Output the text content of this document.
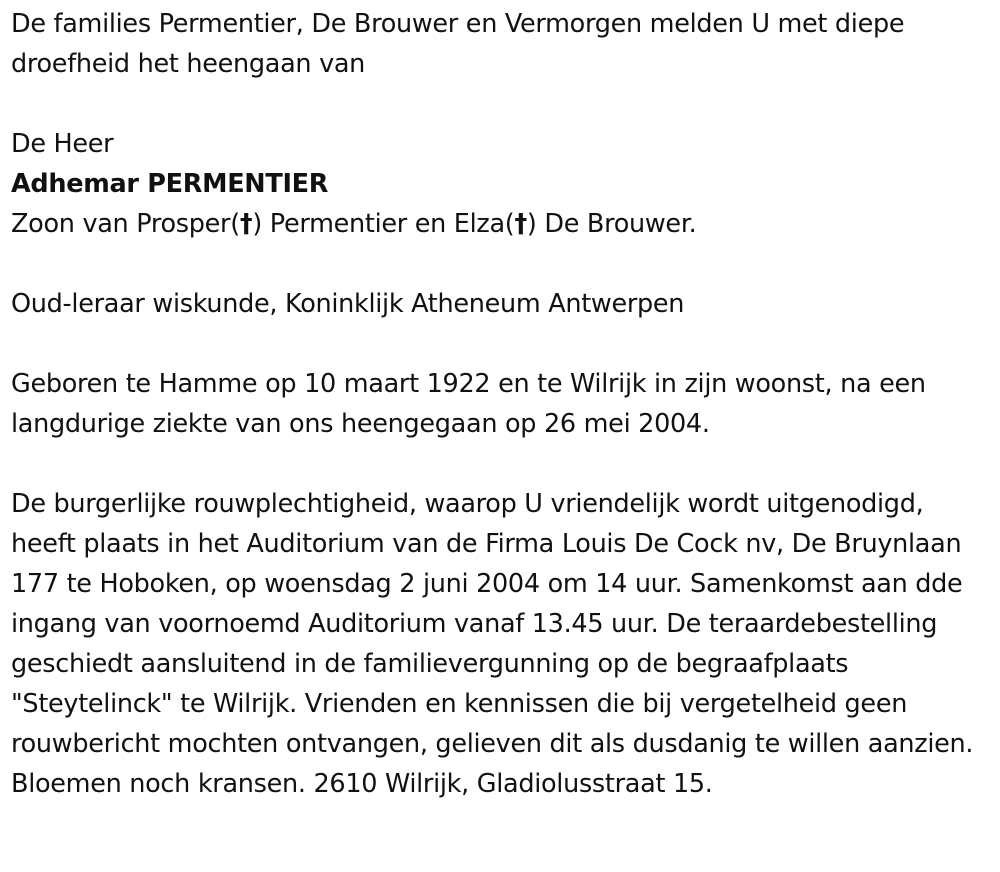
De families Permentier, De Brouwer en Vermorgen melden U met diepe droefheid het heengaan van

De Heer

Adhemar PERMENTIER

Zoon van Prosper(†) Permentier en Elza(†) De Brouwer.

Oud-leraar wiskunde, Koninklijk Atheneum Antwerpen

Geboren te Hamme op 10 maart 1922 en te Wilrijk in zijn woonst, na een langdurige ziekte van ons heengegaan op 26 mei 2004.

De burgerlijke rouwplechtigheid, waarop U vriendelijk wordt uitgenodigd, heeft plaats in het Auditorium van de Firma Louis De Cock nv, De Bruynlaan 177 te Hoboken, op woensdag 2 juni 2004 om 14 uur. Samenkomst aan dde ingang van voornoemd Auditorium vanaf 13.45 uur. De teraardebestelling geschiedt aansluitend in de familievergunning op de begraafplaats "Steytelinck" te Wilrijk. Vrienden en kennissen die bij vergetelheid geen rouwbericht mochten ontvangen, gelieven dit als dusdanig te willen aanzien. Bloemen noch kransen. 2610 Wilrijk, Gladiolusstraat 15.
